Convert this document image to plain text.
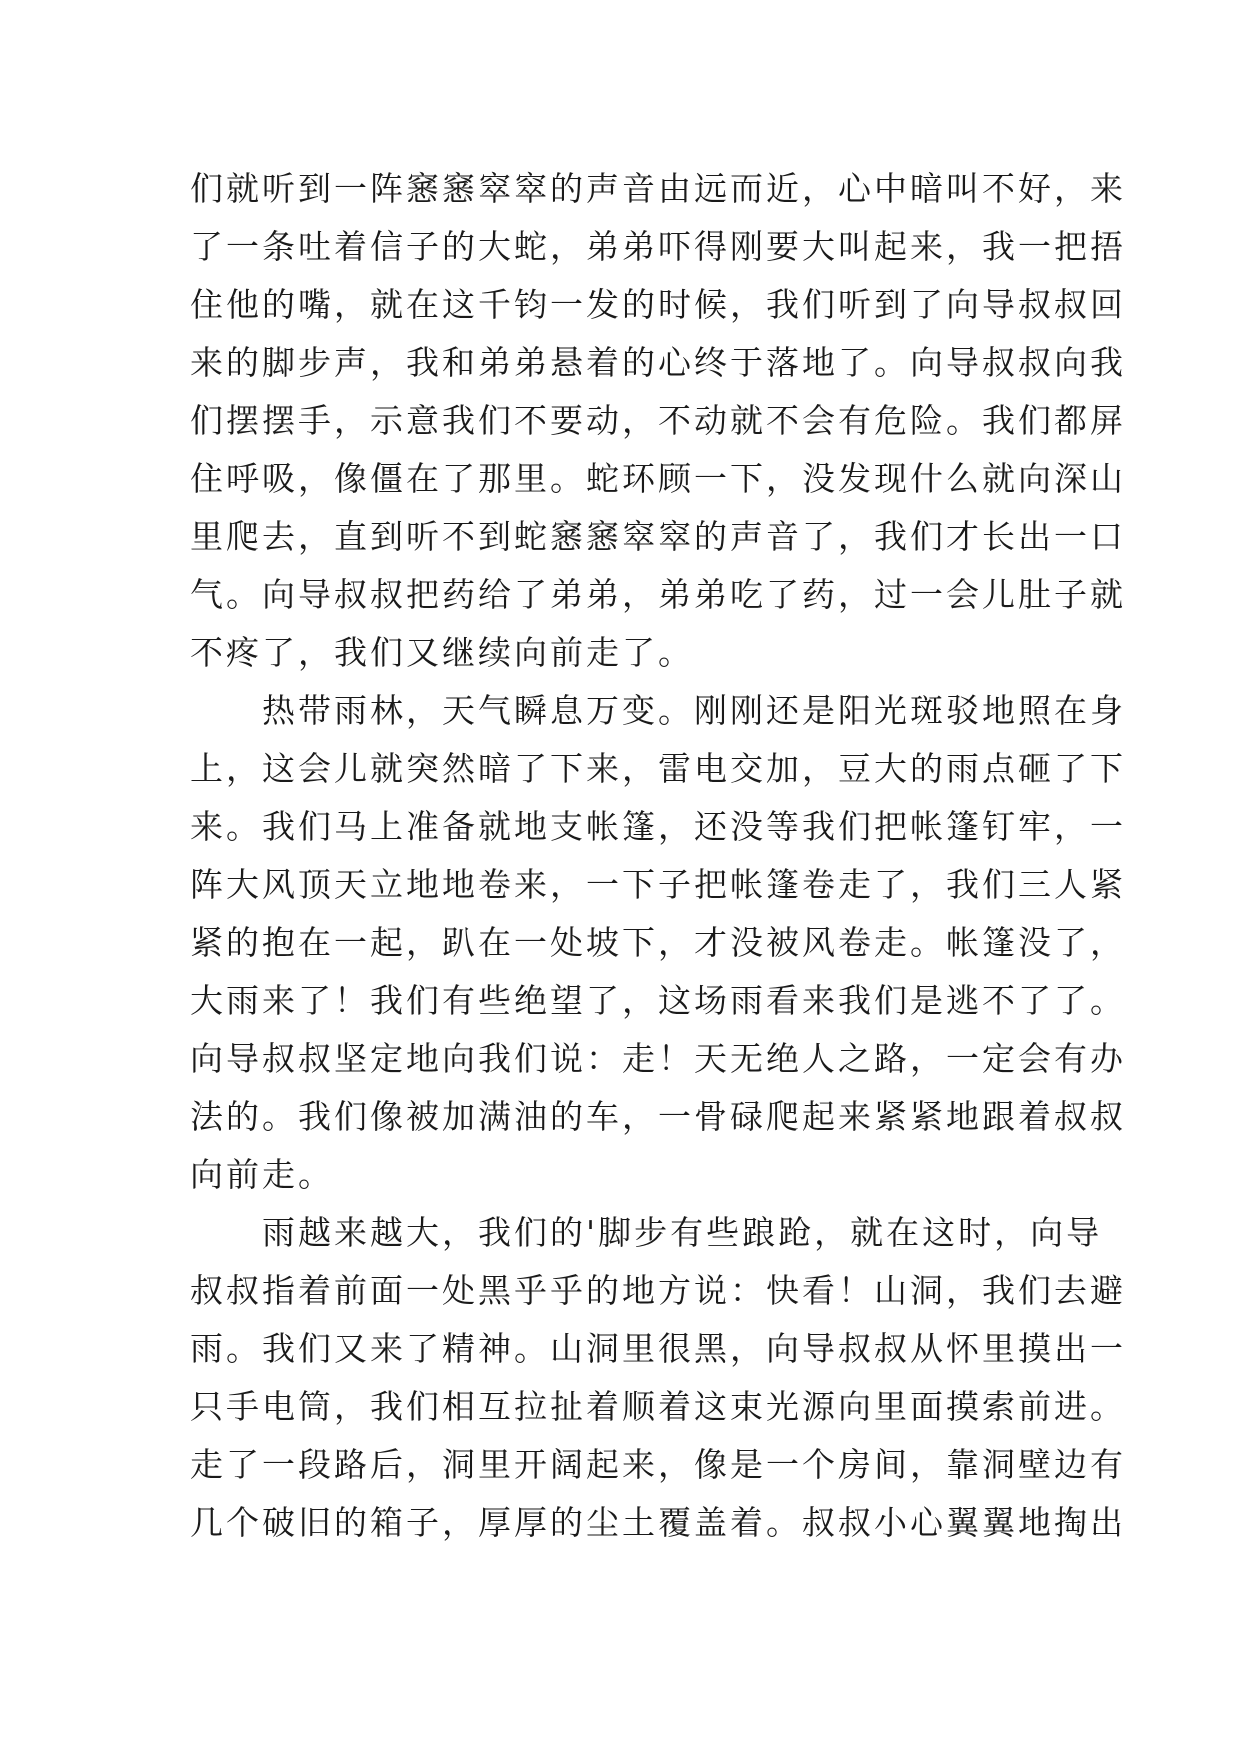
们就听到一阵窸窸窣窣的声音由远而近，心中暗叫不好，来
了一条吐着信子的大蛇，弟弟吓得刚要大叫起来，我一把捂
住他的嘴，就在这千钧一发的时候，我们听到了向导叔叔回
来的脚步声，我和弟弟悬着的心终于落地了。向导叔叔向我
们摆摆手，示意我们不要动，不动就不会有危险。我们都屏
住呼吸，像僵在了那里。蛇环顾一下，没发现什么就向深山
里爬去，直到听不到蛇窸窸窣窣的声音了，我们才长出一口
气。向导叔叔把药给了弟弟，弟弟吃了药，过一会儿肚子就
不疼了，我们又继续向前走了。
　　热带雨林，天气瞬息万变。刚刚还是阳光斑驳地照在身
上，这会儿就突然暗了下来，雷电交加，豆大的雨点砸了下
来。我们马上准备就地支帐篷，还没等我们把帐篷钉牢，一
阵大风顶天立地地卷来，一下子把帐篷卷走了，我们三人紧
紧的抱在一起，趴在一处坡下，才没被风卷走。帐篷没了，
大雨来了！我们有些绝望了，这场雨看来我们是逃不了了。
向导叔叔坚定地向我们说：走！天无绝人之路，一定会有办
法的。我们像被加满油的车，一骨碌爬起来紧紧地跟着叔叔
向前走。
　　雨越来越大，我们的'脚步有些踉跄，就在这时，向导
叔叔指着前面一处黑乎乎的地方说：快看！山洞，我们去避
雨。我们又来了精神。山洞里很黑，向导叔叔从怀里摸出一
只手电筒，我们相互拉扯着顺着这束光源向里面摸索前进。
走了一段路后，洞里开阔起来，像是一个房间，靠洞壁边有
几个破旧的箱子，厚厚的尘土覆盖着。叔叔小心翼翼地掏出
